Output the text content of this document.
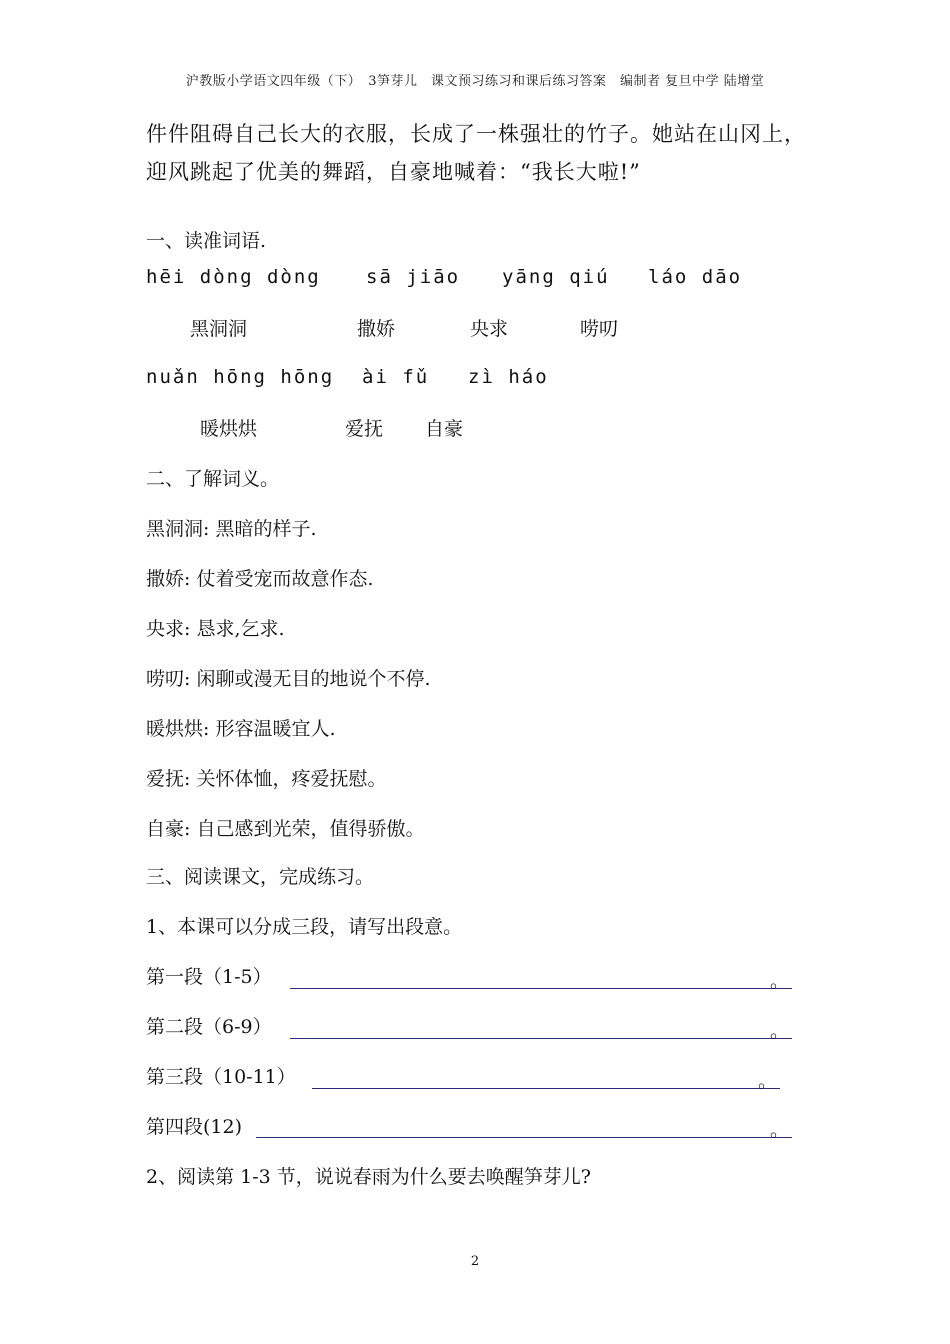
沪教版小学语文四年级（下）　3笋芽儿　课文预习练习和课后练习答案　编制者 复旦中学 陆增堂
件件阻碍自己长大的衣服，长成了一株强壮的竹子。她站在山冈上，
迎风跳起了优美的舞蹈，自豪地喊着：“我长大啦!”
一、读准词语.
hēi dòng dòng sā jiāo yāng qiú láo dāo
黑洞洞	撒娇	央求	唠叨
nuǎn hōng hōng ài fǔ zì háo
暖烘烘	爱抚 自豪
二、了解词义。
黑洞洞: 黑暗的样子.
撒娇: 仗着受宠而故意作态.
央求: 恳求,乞求.
唠叨: 闲聊或漫无目的地说个不停.
暖烘烘: 形容温暖宜人.
爱抚: 关怀体恤，疼爱抚慰。
自豪: 自己感到光荣，值得骄傲。
三、阅读课文，完成练习。
1、本课可以分成三段，请写出段意。
第一段（1-5）	。
第二段（6-9）	。
第三段（10-11）	。
第四段(12)	。
2、阅读第 1-3 节，说说春雨为什么要去唤醒笋芽儿?
2
